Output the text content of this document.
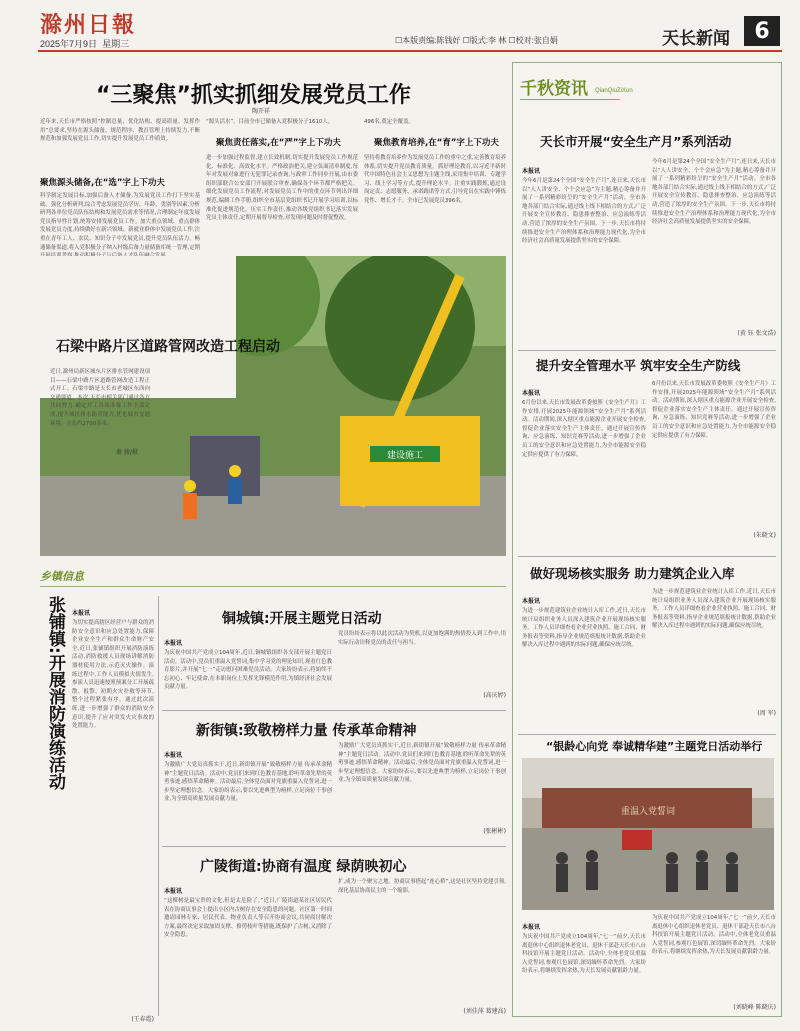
滁州日報
2025年7月9日 星期三	☐本版责编:陈钱好 ☐版式:李 林 ☐校对:张自娟	天长新闻	6
“三聚焦”抓实抓细发展党员工作
陶开祥
近年来,天长市严格按照“控制总量、优化结构、提高质量、发挥作用”总要求,坚持在源头储备、规范程序、教育管理上持续发力,不断规范和加强发展党员工作,切实提升发展党员工作质效。
聚焦源头储备,在“选”字上下功夫
科学制定发展目标,加强后备人才储备,为发展党员工作打下坚实基础。强化分析研判,综合考虑发展党员学历、年龄、类别等因素,分析研判各单位党员队伍结构和发展党员需求等情况,合理制定年度发展党员指导性计划,统筹安排发展党员工作。加大重点领域、重点群体发展党员力度,持续做好在新兴领域、新就业群体中发展党员工作,注重在青年工人、农民、知识分子中发展党员,提升党员队伍活力。畅通储备渠道,将入党积极分子纳入村级后备力量储备库统一管理,定期
“源头活水”。目前全市已储备入党积极分子1610人。
聚焦责任落实,在“严”字上下功夫
进一步加强过程监督,建立长效机制,切实提升发展党员工作规范化、标准化、高效化水平。严格政治把关,建立负面清单制度,每年对发展对象进行无犯罪记录查询,与政审工作同步开展,由市委组织部联合公安部门开展联合审查,确保各个环节都严格把关。细化发展党员工作流程,对发展党员工作中的重点环节列出详细规范,编制工作手册,组织全市基层党组织书记开展学习培训,以标准化促进规范化。压实工作责任,推动各级党组织书记落实发展党员主体责任,定期开展督导检查,对发现问题及时督促整改。
496名,奠定全覆盖。
聚焦教育培养,在“育”字上下功夫
坚持将教育培养作为发展党员工作的重中之重,完善教育培养体系,切实提升党员教育质量。抓好理论教育,以习近平新时代中国特色社会主义思想为主题主线,采用集中培训、专题学习、线上学习等方式,提升理论水平。注重实践锻炼,通过设岗定责、志愿服务、承诺践诺等方式,引导党员在实践中锤炼党性、增长才干。全市已发展党员396名。
建设施工
石梁中路片区道路管网改造工程启动
近日,滁州局新区城东片区排水管网建设项目——石梁中路片区道路管网改造工程正式开工。石梁中路是天长市老城区东西向交通要道。本次,天长市相关部门通过各方共同努力,确定开工各项准备工作全部完成,提升城区排水防涝能力,优化城市交通环境。全长约2700多米。
秦 骏/摄
乡镇信息
张铺镇:开展消防演练活动 本报讯
为切实提高辖区经营户与群众的消防安全意识和应急处置能力,保障企业安全生产和群众生命财产安全,近日,张铺镇组织开展消防演练活动,消防救援人员现场讲解消防器材使用方法,示范灭火操作。演练过程中,工作人员模拟火情发生,参演人员迅速按照预案分工开展疏散、报警、初期火灾扑救等环节,整个过程紧张有序。通过此次演练,进一步增强了群众的消防安全意识,提升了应对突发火灾事故的处置能力。
(王春霞)
铜城镇:开展主题党日活动
本报讯
为庆祝中国共产党成立104周年,近日,铜城镇组织各支部开展主题党日活动。活动中,党员们重温入党誓词,集中学习党的理论知识,观看红色教育影片,并开展“七一”走访慰问困难党员活动。大家纷纷表示,将始终不忘初心、牢记使命,在本职岗位上发挥先锋模范作用,为镇经济社会发展贡献力量。
党员纷纷表示将以此次活动为契机,以更加饱满的热情投入到工作中,用实际行动诠释党员的责任与担当。
(高庆婷)
新街镇:致敬榜样力量 传承革命精神
本报讯
为激励广大党员真抓实干,近日,新街镇开展“致敬榜样力量 传承革命精神”主题党日活动。活动中,党员们来到红色教育基地,聆听革命先辈的英勇事迹,感悟革命精神。活动最后,全体党员面对党旗重温入党誓词,进一步坚定理想信念。大家纷纷表示,要以先进典型为榜样,立足岗位干事创业,为全镇高质量发展贡献力量。
为激励广大党员真抓实干,近日,新街镇开展“致敬榜样力量 传承革命精神”主题党日活动。活动中,党员们来到红色教育基地,聆听革命先辈的英勇事迹,感悟革命精神。活动最后,全体党员面对党旗重温入党誓词,进一步坚定理想信念。大家纷纷表示,要以先进典型为榜样,立足岗位干事创业,为全镇高质量发展贡献力量。
(张彬彬)
广陵街道:协商有温度 绿荫映初心
本报讯
“这棵树是最宝贵的文化,但是太危险了。”近日,广陵街道某社区居民代表在协商议事会上提出小区内古树存在安全隐患的问题。社区第一时间邀请园林专家、居民代表、物业负责人等召开协商会议,共同商讨解决方案,最终决定采取加固支撑、修剪枝叶等措施,既保护了古树,又消除了安全隐患。
扩,成为一个聚宝之地。协商议事搭起“连心桥”,这是社区坚持党建引领,深化基层协商民主的一个缩影。
(刘佳萍 葛建高)
千秋资讯 QianQiuZiXun
天长市开展“安全生产月”系列活动
本报讯
今年6月是第24个全国“安全生产月”,连日来,天长市以“人人讲安全、个个会应急”为主题,精心筹备并开展了一系列精彩纷呈的“安全生产月”活动。全市各地各部门结合实际,通过线上线下相结合的方式,广泛开展安全宣传教育、隐患排查整治、应急演练等活动,营造了浓厚的安全生产氛围。下一步,天长市将持续推进安全生产治理体系和治理能力现代化,为全市经济社会高质量发展提供坚实的安全保障。
今年6月是第24个全国“安全生产月”,连日来,天长市以“人人讲安全、个个会应急”为主题,精心筹备并开展了一系列精彩纷呈的“安全生产月”活动。全市各地各部门结合实际,通过线上线下相结合的方式,广泛开展安全宣传教育、隐患排查整治、应急演练等活动,营造了浓厚的安全生产氛围。下一步,天长市将持续推进安全生产治理体系和治理能力现代化,为全市经济社会高质量发展提供坚实的安全保障。
(黄 钰 张文浩)
提升安全管理水平 筑牢安全生产防线
本报讯
6月份以来,天长市发展改革委按照《安全生产月》工作安排,开展2025年能源领域“安全生产月”系列活动。活动期间,深入辖区重点能源企业开展安全检查,督促企业落实安全生产主体责任。通过开展宣传咨询、应急演练、知识竞赛等活动,进一步增强了企业员工的安全意识和应急处置能力,为全市能源安全稳定供应提供了有力保障。
6月份以来,天长市发展改革委按照《安全生产月》工作安排,开展2025年能源领域“安全生产月”系列活动。活动期间,深入辖区重点能源企业开展安全检查,督促企业落实安全生产主体责任。通过开展宣传咨询、应急演练、知识竞赛等活动,进一步增强了企业员工的安全意识和应急处置能力,为全市能源安全稳定供应提供了有力保障。
(朱晓文)
做好现场核实服务 助力建筑企业入库
本报讯
为进一步规范建筑业企业统计入库工作,近日,天长市统计局组织业务人员深入建筑企业开展现场核实服务。工作人员详细查看企业营业执照、施工合同、财务报表等资料,指导企业规范填报统计数据,帮助企业解决入库过程中遇到的实际问题,确保应统尽统。
为进一步规范建筑业企业统计入库工作,近日,天长市统计局组织业务人员深入建筑企业开展现场核实服务。工作人员详细查看企业营业执照、施工合同、财务报表等资料,指导企业规范填报统计数据,帮助企业解决入库过程中遇到的实际问题,确保应统尽统。
(周 军)
“银龄心向党 奉诚精华建”主题党日活动举行
重温入党誓词
本报讯
为庆祝中国共产党成立104周年,“七一”前夕,天长市离退休中心组织退休老党员、退休干部赴天长市八台科技馆开展主题党日活动。活动中,全体老党员重温入党誓词,参观红色展馆,深切缅怀革命先烈。大家纷纷表示,将继续发挥余热,为天长发展贡献银龄力量。
为庆祝中国共产党成立104周年,“七一”前夕,天长市离退休中心组织退休老党员、退休干部赴天长市八台科技馆开展主题党日活动。活动中,全体老党员重温入党誓词,参观红色展馆,深切缅怀革命先烈。大家纷纷表示,将继续发挥余热,为天长发展贡献银龄力量。
(刘晓峰 陈晓庆)
